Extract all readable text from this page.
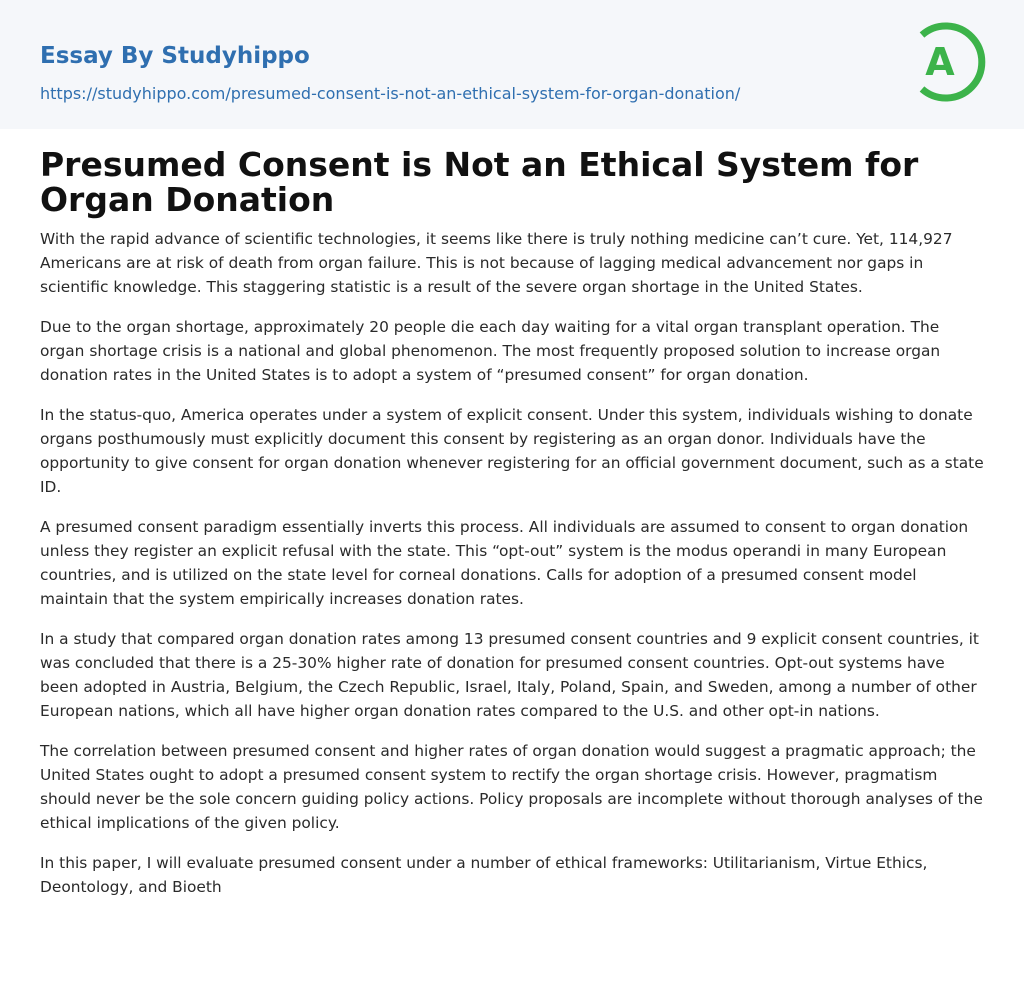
Essay By Studyhippo
https://studyhippo.com/presumed-consent-is-not-an-ethical-system-for-organ-donation/
A
Presumed Consent is Not an Ethical System for Organ Donation

With the rapid advance of scientific technologies, it seems like there is truly nothing medicine can’t cure. Yet, 114,927 Americans are at risk of death from organ failure. This is not because of lagging medical advancement nor gaps in scientific knowledge. This staggering statistic is a result of the severe organ shortage in the United States.

Due to the organ shortage, approximately 20 people die each day waiting for a vital organ transplant operation. The organ shortage crisis is a national and global phenomenon. The most frequently proposed solution to increase organ donation rates in the United States is to adopt a system of “presumed consent” for organ donation.

In the status-quo, America operates under a system of explicit consent. Under this system, individuals wishing to donate organs posthumously must explicitly document this consent by registering as an organ donor. Individuals have the opportunity to give consent for organ donation whenever registering for an official government document, such as a state ID.

A presumed consent paradigm essentially inverts this process. All individuals are assumed to consent to organ donation unless they register an explicit refusal with the state. This “opt-out” system is the modus operandi in many European countries, and is utilized on the state level for corneal donations. Calls for adoption of a presumed consent model maintain that the system empirically increases donation rates.

In a study that compared organ donation rates among 13 presumed consent countries and 9 explicit consent countries, it was concluded that there is a 25-30% higher rate of donation for presumed consent countries. Opt-out systems have been adopted in Austria, Belgium, the Czech Republic, Israel, Italy, Poland, Spain, and Sweden, among a number of other European nations, which all have higher organ donation rates compared to the U.S. and other opt-in nations.

The correlation between presumed consent and higher rates of organ donation would suggest a pragmatic approach; the United States ought to adopt a presumed consent system to rectify the organ shortage crisis. However, pragmatism should never be the sole concern guiding policy actions. Policy proposals are incomplete without thorough analyses of the ethical implications of the given policy.

In this paper, I will evaluate presumed consent under a number of ethical frameworks: Utilitarianism, Virtue Ethics, Deontology, and Bioeth
